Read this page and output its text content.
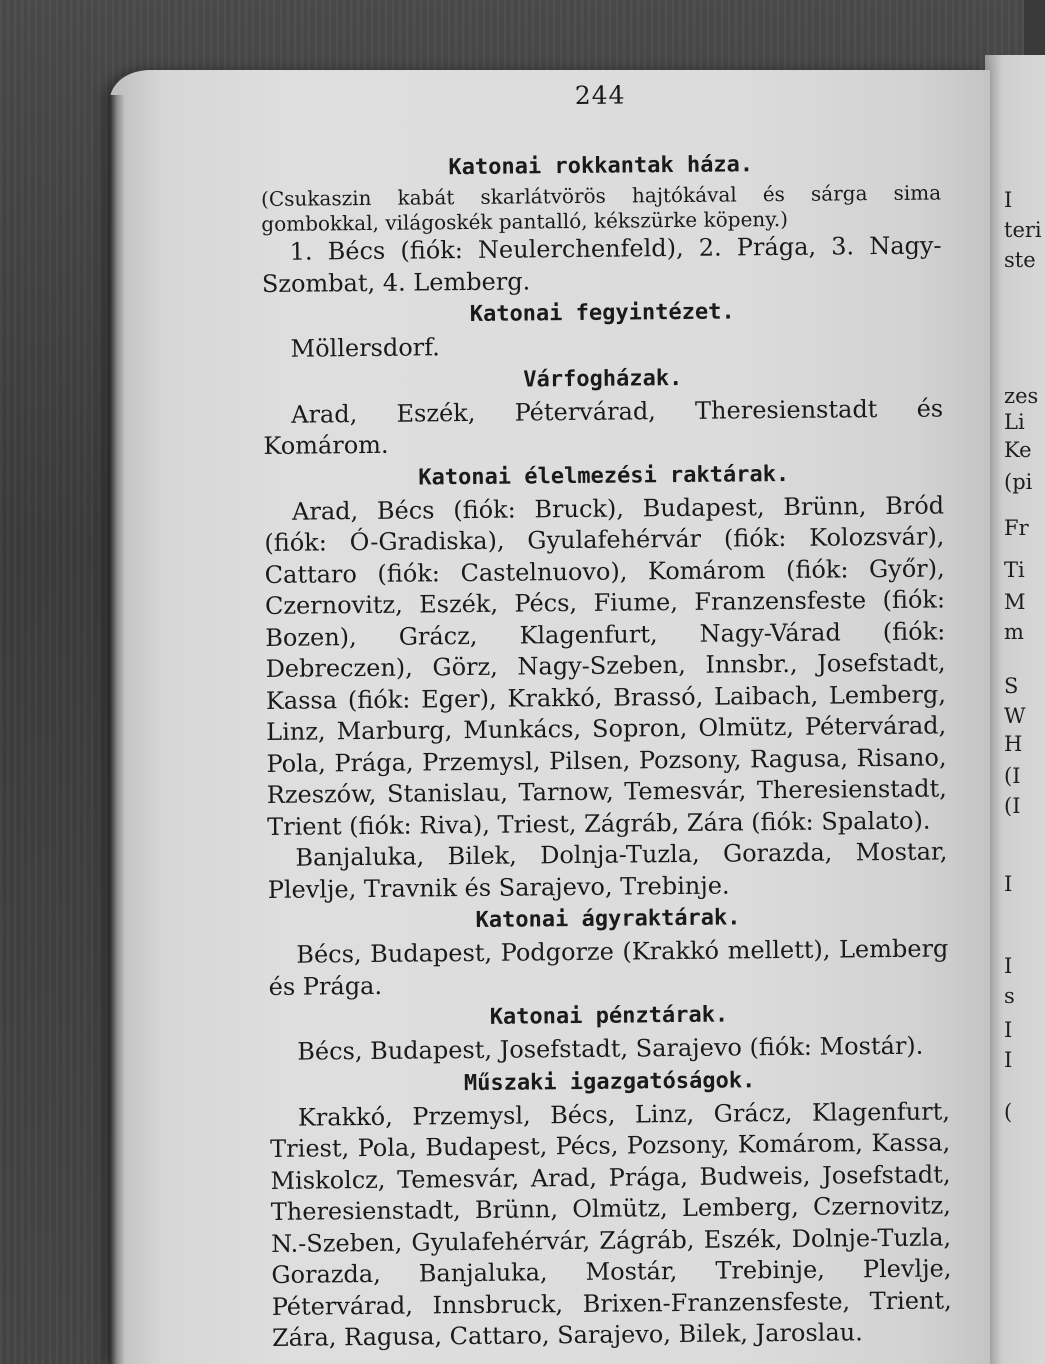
I
teri
ste
zes
Li
Ke
(pi
Fr
Ti
M
m
S
W
H
(I
(I
I
I
s
I
I
(
244
Katonai rokkantak háza.

(Csukaszin kabát skarlátvörös hajtókával és sárga sima gombokkal, világoskék pantalló, kékszürke köpeny.)

1. Bécs (fiók: Neulerchenfeld), 2. Prága, 3. Nagy-Szombat, 4. Lemberg.

Katonai fegyintézet.

Möllersdorf.

Várfogházak.

Arad, Eszék, Pétervárad, Theresienstadt és Komárom.

Katonai élelmezési raktárak.

Arad, Bécs (fiók: Bruck), Budapest, Brünn, Bród (fiók: Ó-Gradiska), Gyulafehérvár (fiók: Kolozsvár), Cattaro (fiók: Castelnuovo), Komárom (fiók: Győr), Czernovitz, Eszék, Pécs, Fiume, Franzensfeste (fiók: Bozen), Grácz, Klagenfurt, Nagy-Várad (fiók: Debreczen), Görz, Nagy-Szeben, Innsbr., Josefstadt, Kassa (fiók: Eger), Krakkó, Brassó, Laibach, Lemberg, Linz, Marburg, Munkács, Sopron, Olmütz, Pétervárad, Pola, Prága, Przemysl, Pilsen, Pozsony, Ragusa, Risano, Rzeszów, Stanislau, Tarnow, Temesvár, Theresienstadt, Trient (fiók: Riva), Triest, Zágráb, Zára (fiók: Spalato).

Banjaluka, Bilek, Dolnja-Tuzla, Gorazda, Mostar, Plevlje, Travnik és Sarajevo, Trebinje.

Katonai ágyraktárak.

Bécs, Budapest, Podgorze (Krakkó mellett), Lemberg és Prága.

Katonai pénztárak.

Bécs, Budapest, Josefstadt, Sarajevo (fiók: Mostár).

Műszaki igazgatóságok.

Krakkó, Przemysl, Bécs, Linz, Grácz, Klagenfurt, Triest, Pola, Budapest, Pécs, Pozsony, Komárom, Kassa, Miskolcz, Temesvár, Arad, Prága, Budweis, Josefstadt, Theresienstadt, Brünn, Olmütz, Lemberg, Czernovitz, N.-Szeben, Gyulafehérvár, Zágráb, Eszék, Dolnje-Tuzla, Gorazda, Banjaluka, Mostár, Trebinje, Plevlje, Pétervárad, Innsbruck, Brixen-Franzensfeste, Trient, Zára, Ragusa, Cattaro, Sarajevo, Bilek, Jaroslau.
